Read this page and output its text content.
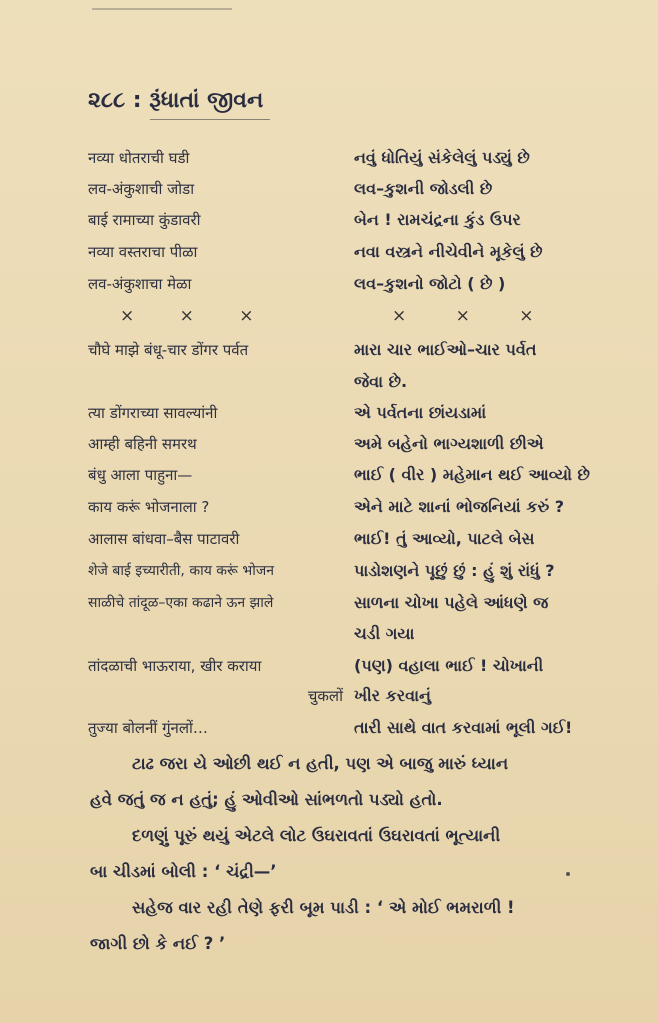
૨૮૮ : રૂંધાતાં જીવન
नव्या धोतराची घडी	નવું ધોતિયું સંકેલેલું પડ્યું છે
लव-अंकुशाची जोडा	લવ–કુશની જોડલી છે
बाई रामाच्या कुंडावरी	બેન ! રામચંદ્રના કુંડ ઉપર
नव्या वस्तराचा पीळा	નવા વસ્ત્રને નીચેવીને મૂકેલું છે
लव-अंकुशाचा मेळा	લવ–કુશનો જોટો ( છે )
× × ×	× × ×
चौघे माझे बंधू-चार डोंगर पर्वत	મારા ચાર ભાઈઓ–ચાર પર્વત
જેવા છે.
त्या डोंगराच्या सावल्यांनी	એ પર્વતના છાંયડામાં
आम्ही बहिनी समरथ	અમે બહેનો ભાગ્યશાળી છીએ
बंधु आला पाहुना—	ભાઈ ( વીર ) મહેમાન થઈ આવ્યો છે
काय करूं भोजनाला ?	એને માટે શાનાં ભોજનિયાં કરું ?
आलास बांधवा–बैस पाटावरी	ભાઈ! તું આવ્યો, પાટલે બેસ
शेजे बाई इच्यारीती, काय करूं भोजन	પાડોશણને પૂછું છું : હું શું રાંધું ?
साळीचे तांदूळ–एका कढाने ऊन झाले	સાળના ચોખા પહેલે આંધણે જ
ચડી ગયા
तांदळाची भाऊराया, खीर कराया	(પણ) વહાલા ભાઈ ! ચોખાની
चुकलों ખીર કરવાનું
तुज्या बोलनीं गुंनलों…	તારી સાથે વાત કરવામાં ભૂલી ગઈ!
ટાઢ જરા યે ઓછી થઈ ન હતી, પણ એ બાજુ મારું ધ્યાન
હવે જતું જ ન હતું; હું ઓવીઓ સાંભળતો પડ્યો હતો.
દળણું પૂરું થયું એટલે લોટ ઉઘરાવતાં ઉઘરાવતાં ભૂત્યાની
બા ચીડમાં બોલી : ‘ ચંદ્રી—’
સહેજ વાર રહી તેણે ફરી બૂમ પાડી : ‘ એ મોઈ ભમરાળી !
જાગી છો કે નઈ ? ’
